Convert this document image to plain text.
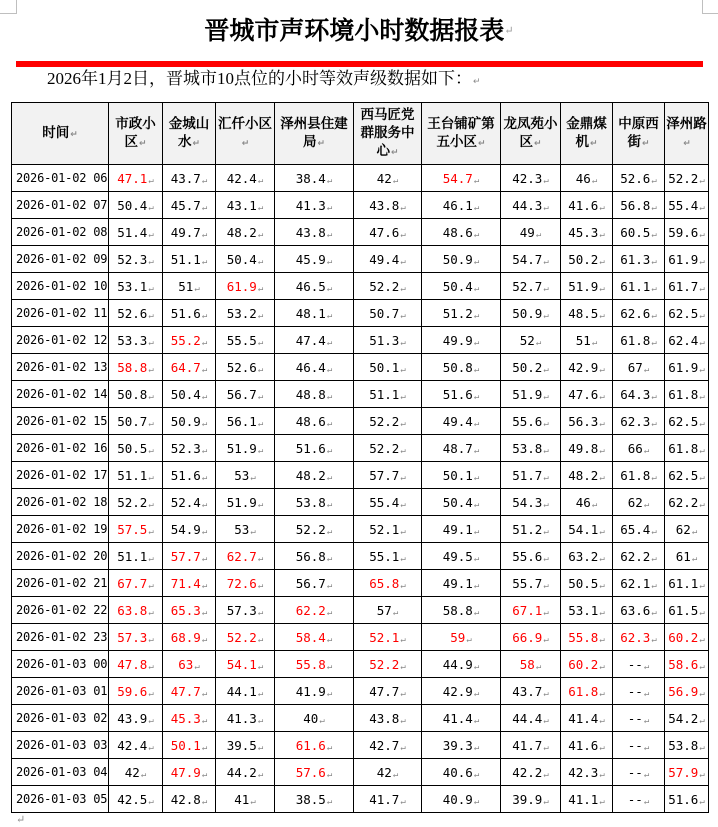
晋城市声环境小时数据报表↵
2026年1月2日，晋城市10点位的小时等效声级数据如下：↵
时间↵	市政小区↵	金城山水↵	汇仟小区↵	泽州县住建局↵	西马匠党群服务中心↵	王台铺矿第五小区↵	龙凤苑小区↵	金鼎煤机↵	中原西街↵	泽州路↵
2026-01-02 06	47.1↵	43.7↵	42.4↵	38.4↵	42↵	54.7↵	42.3↵	46↵	52.6↵	52.2↵
2026-01-02 07	50.4↵	45.7↵	43.1↵	41.3↵	43.8↵	46.1↵	44.3↵	41.6↵	56.8↵	55.4↵
2026-01-02 08	51.4↵	49.7↵	48.2↵	43.8↵	47.6↵	48.6↵	49↵	45.3↵	60.5↵	59.6↵
2026-01-02 09	52.3↵	51.1↵	50.4↵	45.9↵	49.4↵	50.9↵	54.7↵	50.2↵	61.3↵	61.9↵
2026-01-02 10	53.1↵	51↵	61.9↵	46.5↵	52.2↵	50.4↵	52.7↵	51.9↵	61.1↵	61.7↵
2026-01-02 11	52.6↵	51.6↵	53.2↵	48.1↵	50.7↵	51.2↵	50.9↵	48.5↵	62.6↵	62.5↵
2026-01-02 12	53.3↵	55.2↵	55.5↵	47.4↵	51.3↵	49.9↵	52↵	51↵	61.8↵	62.4↵
2026-01-02 13	58.8↵	64.7↵	52.6↵	46.4↵	50.1↵	50.8↵	50.2↵	42.9↵	67↵	61.9↵
2026-01-02 14	50.8↵	50.4↵	56.7↵	48.8↵	51.1↵	51.6↵	51.9↵	47.6↵	64.3↵	61.8↵
2026-01-02 15	50.7↵	50.9↵	56.1↵	48.6↵	52.2↵	49.4↵	55.6↵	56.3↵	62.3↵	62.5↵
2026-01-02 16	50.5↵	52.3↵	51.9↵	51.6↵	52.2↵	48.7↵	53.8↵	49.8↵	66↵	61.8↵
2026-01-02 17	51.1↵	51.6↵	53↵	48.2↵	57.7↵	50.1↵	51.7↵	48.2↵	61.8↵	62.5↵
2026-01-02 18	52.2↵	52.4↵	51.9↵	53.8↵	55.4↵	50.4↵	54.3↵	46↵	62↵	62.2↵
2026-01-02 19	57.5↵	54.9↵	53↵	52.2↵	52.1↵	49.1↵	51.2↵	54.1↵	65.4↵	62↵
2026-01-02 20	51.1↵	57.7↵	62.7↵	56.8↵	55.1↵	49.5↵	55.6↵	63.2↵	62.2↵	61↵
2026-01-02 21	67.7↵	71.4↵	72.6↵	56.7↵	65.8↵	49.1↵	55.7↵	50.5↵	62.1↵	61.1↵
2026-01-02 22	63.8↵	65.3↵	57.3↵	62.2↵	57↵	58.8↵	67.1↵	53.1↵	63.6↵	61.5↵
2026-01-02 23	57.3↵	68.9↵	52.2↵	58.4↵	52.1↵	59↵	66.9↵	55.8↵	62.3↵	60.2↵
2026-01-03 00	47.8↵	63↵	54.1↵	55.8↵	52.2↵	44.9↵	58↵	60.2↵	--↵	58.6↵
2026-01-03 01	59.6↵	47.7↵	44.1↵	41.9↵	47.7↵	42.9↵	43.7↵	61.8↵	--↵	56.9↵
2026-01-03 02	43.9↵	45.3↵	41.3↵	40↵	43.8↵	41.4↵	44.4↵	41.4↵	--↵	54.2↵
2026-01-03 03	42.4↵	50.1↵	39.5↵	61.6↵	42.7↵	39.3↵	41.7↵	41.6↵	--↵	53.8↵
2026-01-03 04	42↵	47.9↵	44.2↵	57.6↵	42↵	40.6↵	42.2↵	42.3↵	--↵	57.9↵
2026-01-03 05	42.5↵	42.8↵	41↵	38.5↵	41.7↵	40.9↵	39.9↵	41.1↵	--↵	51.6↵
↵
